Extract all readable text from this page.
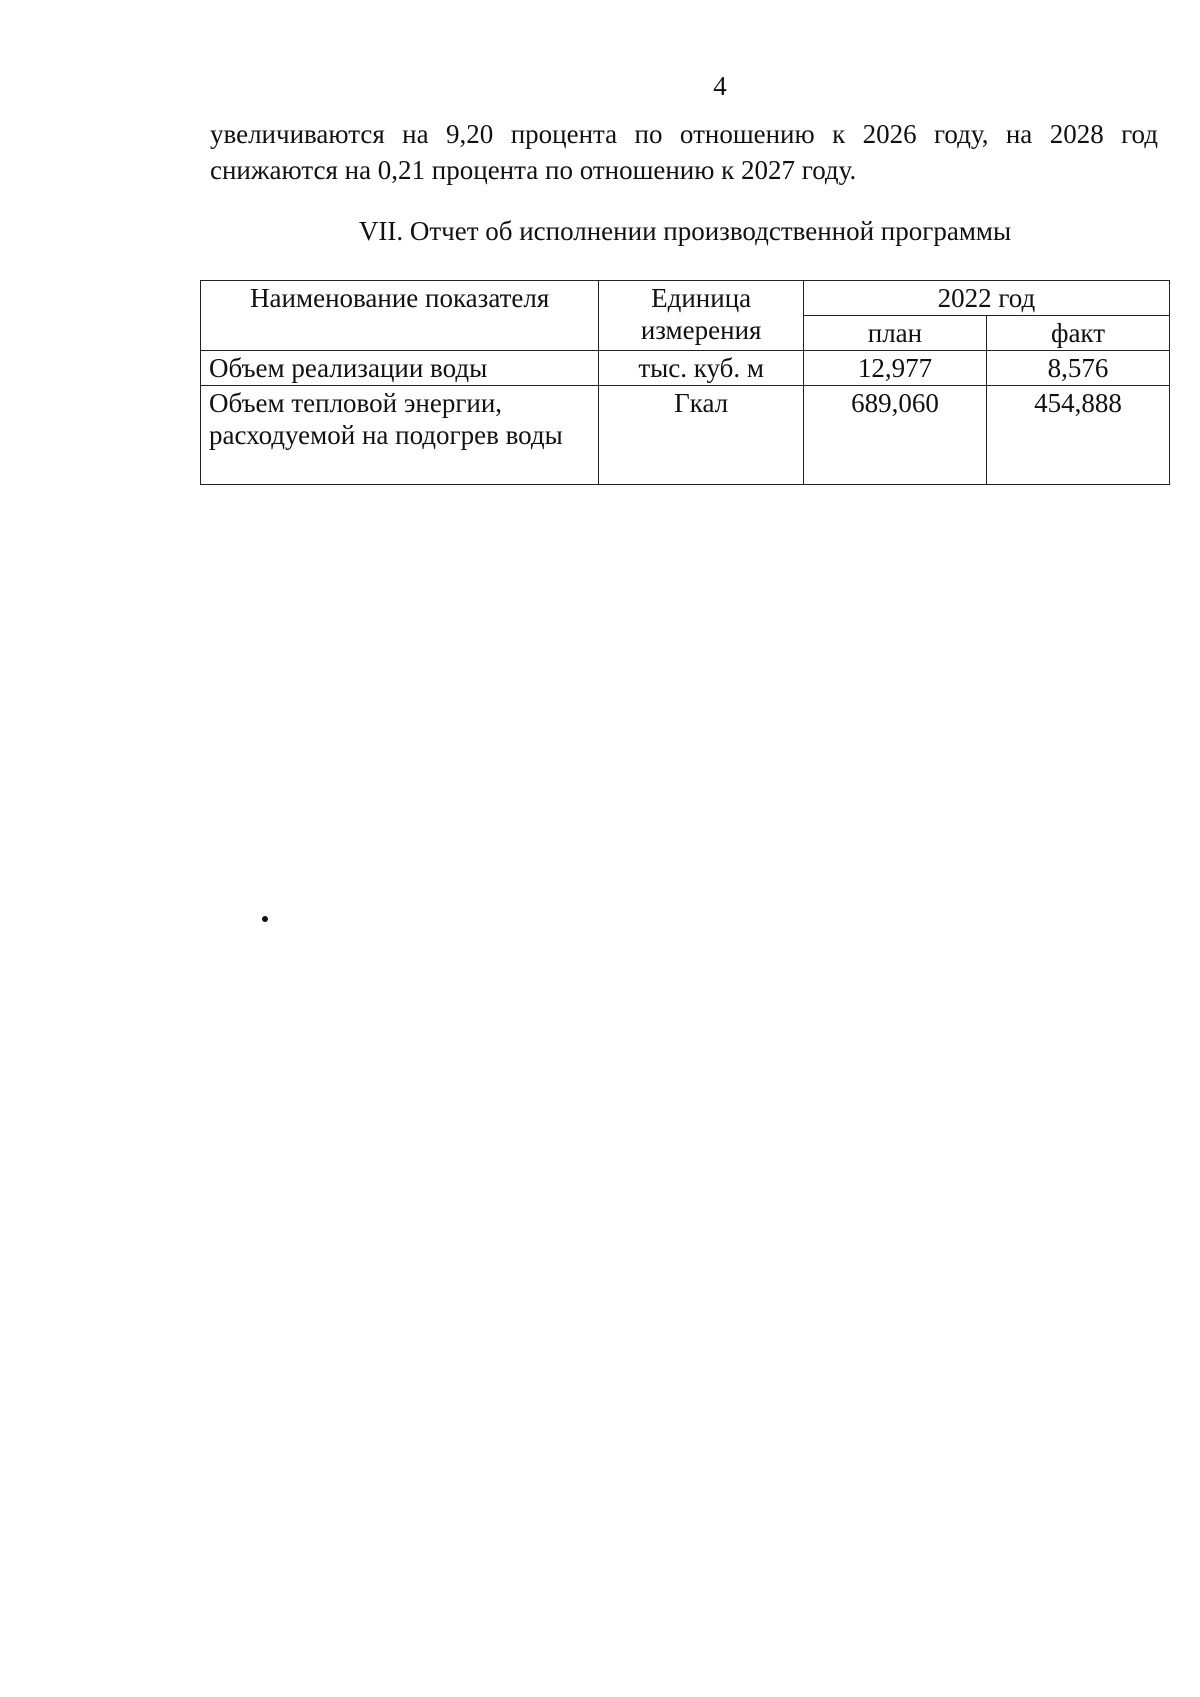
4
увеличиваются на 9,20 процента по отношению к 2026 году, на 2028 год
снижаются на 0,21 процента по отношению к 2027 году.
VII. Отчет об исполнении производственной программы
Наименование показателя	Единица измерения	2022 год	
		план	факт
Объем реализации воды	тыс. куб. м	12,977	8,576
Объем тепловой энергии, расходуемой на подогрев воды	Гкал	689,060	454,888
